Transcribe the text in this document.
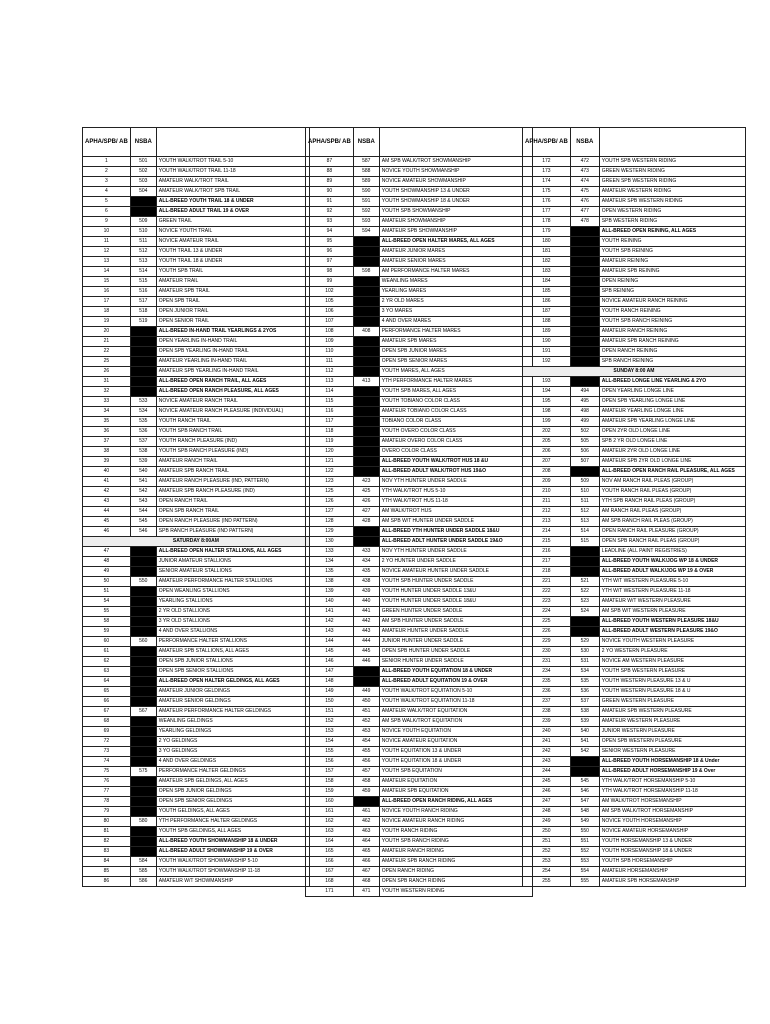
APHA/SPB/ AB	NSBA	
1	501	YOUTH WALK/TROT TRAIL 5-10
2	502	YOUTH WALK/TROT TRAIL 11-18
3	503	AMATEUR WALK/TROT TRAIL
4	504	AMATEUR WALK/TROT SPB TRAIL
5		ALL-BREED YOUTH TRAIL 18 & UNDER
6		ALL-BREED ADULT TRAIL 19 & OVER
9	509	GREEN TRAIL
10	510	NOVICE YOUTH TRAIL
11	511	NOVICE AMATEUR TRAIL
12	512	YOUTH TRAIL 13 & UNDER
13	513	YOUTH TRAIL 18 & UNDER
14	514	YOUTH SPB TRAIL
15	515	AMATEUR TRAIL
16	516	AMATEUR SPB TRAIL
17	517	OPEN SPB TRAIL
18	518	OPEN JUNIOR TRAIL
19	519	OPEN SENIOR TRAIL
20		ALL-BREED IN-HAND TRAIL YEARLINGS & 2YOS
21		OPEN YEARLING IN-HAND TRAIL
22		OPEN SPB YEARLING IN-HAND TRAIL
25		AMATEUR YEARLING IN-HAND TRAIL
26		AMATEUR SPB YEARLING IN-HAND TRAIL
31		ALL-BREED OPEN RANCH TRAIL, ALL AGES
32		ALL-BREED OPEN RANCH PLEASURE, ALL AGES
33	533	NOVICE AMATEUR RANCH TRAIL
34	534	NOVICE AMATEUR RANCH PLEASURE (INDIVIDUAL)
35	535	YOUTH RANCH TRAIL
36	536	YOUTH SPB RANCH TRAIL
37	537	YOUTH RANCH PLEASURE (IND)
38	538	YOUTH SPB RANCH PLEASURE (IND)
39	539	AMATEUR RANCH TRAIL
40	540	AMATEUR SPB RANCH TRAIL
41	541	AMATEUR RANCH PLEASURE (IND, PATTERN)
42	542	AMATEUR SPB RANCH PLEASURE (IND)
43	543	OPEN RANCH TRAIL
44	544	OPEN SPB RANCH TRAIL
45	545	OPEN RANCH PLEASURE (IND PATTERN)
46	546	SPB RANCH PLEASURE (IND PATTERN)
SATURDAY 8:00AM		
47		ALL-BREED OPEN HALTER STALLIONS, ALL AGES
48		JUNIOR AMATEUR STALLIONS
49		SENIOR AMATEUR STALLIONS
50	550	AMATEUR PERFORMANCE HALTER STALLIONS
51		OPEN WEANLING STALLIONS
54		YEARLING STALLIONS
55		2 YR OLD STALLIONS
58		3 YR OLD STALLIONS
59		4 AND OVER STALLIONS
60	560	PERFORMANCE HALTER STALLIONS
61		AMATEUR SPB STALLIONS, ALL AGES
62		OPEN SPB JUNIOR STALLIONS
63		OPEN SPB SENIOR STALLIONS
64		ALL-BREED OPEN HALTER GELDINGS, ALL AGES
65		AMATEUR JUNIOR GELDINGS
66		AMATEUR SENIOR GELDINGS
67	567	AMATEUR PERFORMANCE HALTER GELDINGS
68		WEANLING GELDINGS
69		YEARLING GELDINGS
72		2 YO GELDINGS
73		3 YO GELDINGS
74		4 AND OVER GELDINGS
75	575	PERFORMANCE HALTER GELDINGS
76		AMATEUR SPB GELDINGS, ALL AGES
77		OPEN SPB JUNIOR GELDINGS
78		OPEN SPB SENIOR GELDINGS
79		YOUTH GELDINGS, ALL AGES
80	580	YTH PERFORMANCE HALTER GELDINGS
81		YOUTH SPB GELDINGS, ALL AGES
82		ALL-BREED YOUTH SHOWMANSHIP 18 & UNDER
83		ALL-BREED ADULT SHOWMANSHIP 19 & OVER
84	584	YOUTH WALK/TROT SHOWMANSHIP 5-10
85	585	YOUTH WALK/TROT SHOWMANSHIP 11-18
86	586	AMATEUR W/T SHOWMANSHIP
APHA/SPB/ AB	NSBA	
87	587	AM SPB WALK/TROT SHOWMANSHIP
88	588	NOVICE YOUTH SHOWMANSHIP
89	589	NOVICE AMATEUR SHOWMANSHIP
90	590	YOUTH SHOWMANSHIP 13 & UNDER
91	591	YOUTH SHOWMANSHIP 18 & UNDER
92	592	YOUTH SPB SHOWMANSHIP
93	593	AMATEUR SHOWMANSHIP
94	594	AMATEUR SPB SHOWMANSHIP
95		ALL-BREED OPEN HALTER MARES, ALL AGES
96		AMATEUR JUNIOR MARES
97		AMATEUR SENIOR MARES
98	598	AM PERFORMANCE HALTER MARES
99		WEANLING MARES
102		YEARLING MARES
105		2 YR OLD MARES
106		3 YO MARES
107		4 AND OVER MARES
108	408	PERFORMANCE HALTER MARES
109		AMATEUR SPB MARES
110		OPEN SPB JUNIOR MARES
111		OPEN SPB SENIOR MARES
112		YOUTH MARES, ALL AGES
113	413	YTH PERFORMANCE HALTER MARES
114		YOUTH SPB MARES, ALL AGES
115		YOUTH TOBIANO COLOR CLASS
116		AMATEUR TOBIANO COLOR CLASS
117		TOBIANO COLOR CLASS
118		YOUTH OVERO COLOR CLASS
119		AMATEUR OVERO COLOR CLASS
120		OVERO COLOR CLASS
121		ALL-BREED YOUTH WALK/TROT HUS 18 &U
122		ALL-BREED ADULT WALK/TROT HUS 19&O
123	423	NOV YTH HUNTER UNDER SADDLE
125	425	YTH WALK/TROT HUS 5-10
126	426	YTH WALK/TROT HUS 11-18
127	427	AM WALK/TROT HUS
128	428	AM SPB W/T HUNTER UNDER SADDLE
129		ALL-BREED YTH HUNTER UNDER SADDLE 18&U
130		ALL-BREED ADLT HUNTER UNDER SADDLE 19&O
133	433	NOV YTH HUNTER UNDER SADDLE
134	434	2 YO HUNTER UNDER SADDLE
135	435	NOVICE AMATEUR HUNTER UNDER SADDLE
138	438	YOUTH SPB HUNTER UNDER SADDLE
139	439	YOUTH HUNTER UNDER SADDLE 13&U
140	440	YOUTH HUNTER UNDER SADDLE 18&U
141	441	GREEN HUNTER UNDER SADDLE
142	442	AM SPB HUNTER UNDER SADDLE
143	443	AMATEUR HUNTER UNDER SADDLE
144	444	JUNIOR HUNTER UNDER SADDLE
145	445	OPEN SPB HUNTER UNDER SADDLE
146	446	SENIOR HUNTER UNDER SADDLE
147		ALL-BREED YOUTH EQUITATION 18 & UNDER
148		ALL-BREED ADULT EQUITATION 19 & OVER
149	449	YOUTH WALK/TROT EQUITATION 5-10
150	450	YOUTH WALK/TROT EQUITATION 11-18
151	451	AMATEUR WALK/TROT EQUITATION
152	452	AM SPB WALK/TROT EQUITATION
153	453	NOVICE YOUTH EQUITATION
154	454	NOVICE AMATEUR EQUITATION
155	455	YOUTH EQUITATION 13 & UNDER
156	456	YOUTH EQUITATION 18 & UNDER
157	457	YOUTH SPB EQUITATION
158	458	AMATEUR EQUITATION
159	459	AMATEUR SPB EQUITATION
160		ALL-BREED OPEN RANCH RIDING, ALL AGES
161	461	NOVICE YOUTH RANCH RIDING
162	462	NOVICE AMATEUR RANCH RIDING
163	463	YOUTH RANCH RIDING
164	464	YOUTH SPB RANCH RIDING
165	465	AMATEUR RANCH RIDING
166	466	AMATEUR SPB RANCH RIDING
167	467	OPEN RANCH RIDING
168	468	OPEN SPB RANCH RIDING
171	471	YOUTH WESTERN RIDING
APHA/SPB/ AB	NSBA	
172	472	YOUTH SPB WESTERN RIDING
173	473	GREEN WESTERN RIDING
174	474	GREEN SPB WESTERN RIDING
175	475	AMATEUR WESTERN RIDING
176	476	AMATEUR SPB WESTERN RIDING
177	477	OPEN WESTERN RIDING
178	478	SPB WESTERN RIDING
179		ALL-BREED OPEN REINING, ALL AGES
180		YOUTH REINING
181		YOUTH SPB REINING
182		AMATEUR REINING
183		AMATEUR SPB REINING
184		OPEN REINING
185		SPB REINING
186		NOVICE AMATEUR RANCH REINING
187		YOUTH RANCH REINING
188		YOUTH SPB RANCH REINING
189		AMATEUR RANCH REINING
190		AMATEUR SPB RANCH REINING
191		OPEN RANCH REINING
192		SPB RANCH REINING
SUNDAY 8:00 AM		
193		ALL-BREED LONGE LINE YEARLING & 2YO
194	494	OPEN YEARLING LONGE LINE
195	495	OPEN SPB YEARLING LONGE LINE
198	498	AMATEUR YEARLING LONGE LINE
199	499	AMATEUR SPB YEARLING LONGE LINE
202	502	OPEN 2YR OLD LONGE LINE
205	505	SPB 2 YR OLD LONGE LINE
206	506	AMATEUR 2YR OLD LONGE LINE
207	507	AMATEUR SPB 2YR OLD LONGE LINE
208		ALL-BREED OPEN RANCH RAIL PLEASURE, ALL AGES
209	509	NOV AM RANCH RAIL PLEAS (GROUP)
210	510	YOUTH RANCH RAIL PLEAS (GROUP)
211	511	YTH SPB RANCH RAIL PLEAS (GROUP)
212	512	AM RANCH RAIL PLEAS (GROUP)
213	513	AM SPB RANCH RAIL PLEAS (GROUP)
214	514	OPEN RANCH RAIL PLEASURE (GROUP)
215	515	OPEN SPB RANCH RAIL PLEAS (GROUP)
216		LEADLINE (ALL PAINT REGISTRIES)
217		ALL-BREED YOUTH WALK/JOG WP 18 & UNDER
218		ALL-BREED ADULT WALK/JOG WP 19 & OVER
221	521	YTH W/T WESTERN PLEASURE 5-10
222	522	YTH W/T WESTERN PLEASURE 11-18
223	523	AMATEUR W/T WESTERN PLEASURE
224	524	AM SPB W/T WESTERN PLEASURE
225		ALL-BREED YOUTH WESTERN PLEASURE 18&U
226		ALL-BREED ADULT WESTERN PLEASURE 19&O
229	529	NOVICE YOUTH WESTERN PLEASURE
230	530	2 YO WESTERN PLEASURE
231	531	NOVICE AM WESTERN PLEASURE
234	534	YOUTH SPB WESTERN PLEASURE
235	535	YOUTH WESTERN PLEASURE 13 & U
236	536	YOUTH WESTERN PLEASURE 18 & U
237	537	GREEN WESTERN PLEASURE
238	538	AMATEUR SPB WESTERN PLEASURE
239	539	AMATEUR WESTERN PLEASURE
240	540	JUNIOR WESTERN PLEASURE
241	541	OPEN SPB WESTERN PLEASURE
242	542	SENIOR WESTERN PLEASURE
243		ALL-BREED YOUTH HORSEMANSHIP 18 & Under
244		ALL-BREED ADULT HORSEMANSHIP 19 & Over
245	545	YTH WALK/TROT HORSEMANSHIP 5-10
246	546	YTH WALK/TROT HORSEMANSHIP 11-18
247	547	AM WALK/TROT HORSEMANSHIP
248	548	AM SPB WALK/TROT HORSEMANSHIP
249	549	NOVICE YOUTH HORSEMANSHIP
250	550	NOVICE AMATEUR HORSEMANSHIP
251	551	YOUTH HORSEMANSHIP 13 & UNDER
252	552	YOUTH HORSEMANSHIP 18 & UNDER
253	553	YOUTH SPB HORSEMANSHIP
254	554	AMATEUR HORSEMANSHIP
255	555	AMATEUR SPB HORSEMANSHIP
